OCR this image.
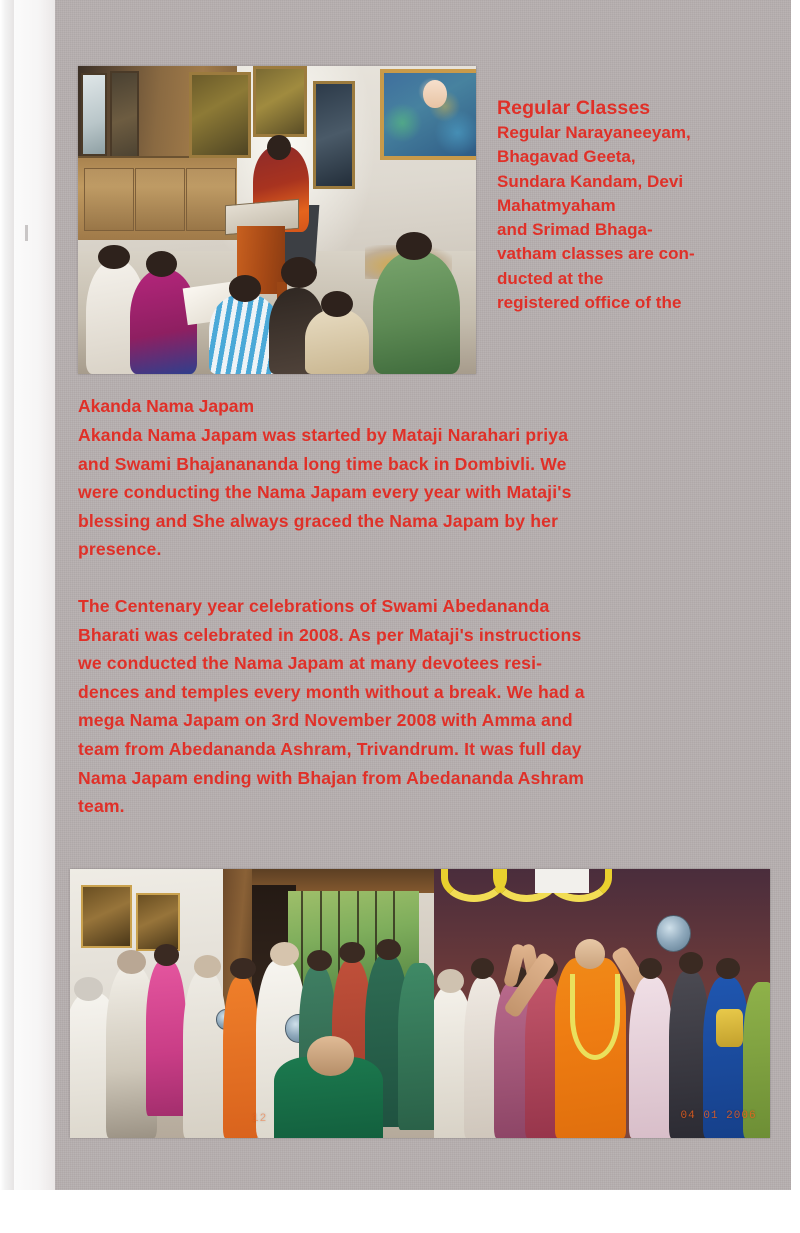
Regular Classes
Regular Narayaneeyam,
Bhagavad Geeta,
Sundara Kandam, Devi
Mahatmyaham
and Srimad Bhaga-
vatham classes are con-
ducted at the
registered office of the
Akanda Nama Japam
Akanda Nama Japam was started by Mataji Narahari priya
and Swami Bhajanananda long time back in Dombivli. We
were conducting the Nama Japam every year with Mataji's
blessing and She always graced the Nama Japam by her
presence.
The Centenary year celebrations of Swami Abedananda
Bharati was celebrated in 2008. As per Mataji's instructions
we conducted the Nama Japam at many devotees resi-
dences and temples every month without a break. We had a
mega Nama Japam on 3rd November 2008 with Amma and
team from Abedananda Ashram, Trivandrum. It was full day
Nama Japam ending with Bhajan from Abedananda Ashram
team.
12	04 01 2006
